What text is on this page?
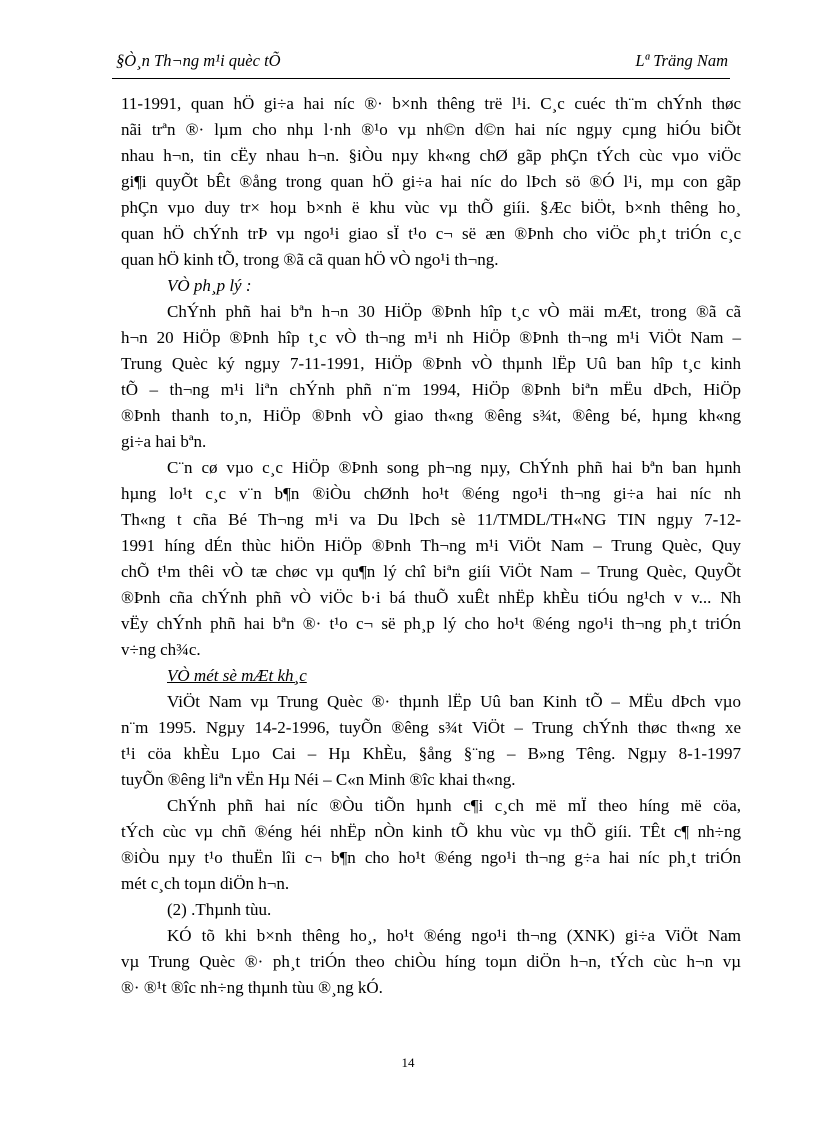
§Ò¸n Th¬ng m¹i quèc tÕ	Lª Träng Nam
11-1991, quan hÖ gi÷a hai níc ®· b×nh thêng trë l¹i. C¸c cuéc th¨m chÝnh thøc
nãi trªn ®· lµm cho nhµ l·nh ®¹o vµ nh©n d©n hai níc ngµy cµng hiÓu biÕt
nhau h¬n, tin cËy nhau h¬n. §iÒu nµy kh«ng chØ gãp phÇn tÝch cùc vµo viÖc
gi¶i quyÕt bÊt ®ång trong quan hÖ gi÷a hai níc do lÞch sö ®Ó l¹i, mµ con gãp
phÇn vµo duy tr× hoµ b×nh ë khu vùc vµ thÕ giíi. §Æc biÖt, b×nh thêng ho¸
quan hÖ chÝnh trÞ vµ ngo¹i giao sÏ t¹o c¬ së æn ®Þnh cho viÖc ph¸t triÓn c¸c
quan hÖ kinh tÕ, trong ®ã cã quan hÖ vÒ ngo¹i th¬ng.
VÒ ph¸p lý :
ChÝnh phñ hai bªn h¬n 30 HiÖp ®Þnh hîp t¸c vÒ mäi mÆt, trong ®ã cã
h¬n 20 HiÖp ®Þnh hîp t¸c vÒ th¬ng m¹i nh HiÖp ®Þnh th¬ng m¹i ViÖt Nam –
Trung Quèc ký ngµy 7-11-1991, HiÖp ®Þnh vÒ thµnh lËp Uû ban hîp t¸c kinh
tÕ – th¬ng m¹i liªn chÝnh phñ n¨m 1994, HiÖp ®Þnh biªn mËu dÞch, HiÖp
®Þnh thanh to¸n, HiÖp ®Þnh vÒ giao th«ng ®êng s¾t, ®êng bé, hµng kh«ng
gi÷a hai bªn.
C¨n cø vµo c¸c HiÖp ®Þnh song ph¬ng nµy, ChÝnh phñ hai bªn ban hµnh
hµng lo¹t c¸c v¨n b¶n ®iÒu chØnh ho¹t ®éng ngo¹i th¬ng gi÷a hai níc nh
Th«ng t cña Bé Th¬ng m¹i va Du lÞch sè 11/TMDL/TH«NG TIN ngµy 7-12-
1991 híng dÉn thùc hiÖn HiÖp ®Þnh Th¬ng m¹i ViÖt Nam – Trung Quèc, Quy
chÕ t¹m thêi vÒ tæ chøc vµ qu¶n lý chî biªn giíi ViÖt Nam – Trung Quèc, QuyÕt
®Þnh cña chÝnh phñ vÒ viÖc b·i bá thuÕ xuÊt nhËp khÈu tiÓu ng¹ch v v... Nh
vËy chÝnh phñ hai bªn ®· t¹o c¬ së ph¸p lý cho ho¹t ®éng ngo¹i th¬ng ph¸t triÓn
v÷ng ch¾c.
VÒ mét sè mÆt kh¸c
ViÖt Nam vµ Trung Quèc ®· thµnh lËp Uû ban Kinh tÕ – MËu dÞch vµo
n¨m 1995. Ngµy 14-2-1996, tuyÕn ®êng s¾t ViÖt – Trung chÝnh thøc th«ng xe
t¹i cöa khÈu Lµo Cai – Hµ KhÈu, §ång §¨ng – B»ng Têng. Ngµy 8-1-1997
tuyÕn ®êng liªn vËn Hµ Néi – C«n Minh ®îc khai th«ng.
ChÝnh phñ hai níc ®Òu tiÕn hµnh c¶i c¸ch më mÏ theo híng më cöa,
tÝch cùc vµ chñ ®éng héi nhËp nÒn kinh tÕ khu vùc vµ thÕ giíi. TÊt c¶ nh÷ng
®iÒu nµy t¹o thuËn lîi c¬ b¶n cho ho¹t ®éng ngo¹i th¬ng g÷a hai níc ph¸t triÓn
mét c¸ch toµn diÖn h¬n.
(2) .Thµnh tùu.
KÓ tõ khi b×nh thêng ho¸, ho¹t ®éng ngo¹i th¬ng (XNK) gi÷a ViÖt Nam
vµ Trung Quèc ®· ph¸t triÓn theo chiÒu híng toµn diÖn h¬n, tÝch cùc h¬n vµ
®· ®¹t ®îc nh÷ng thµnh tùu ®¸ng kÓ.
14
